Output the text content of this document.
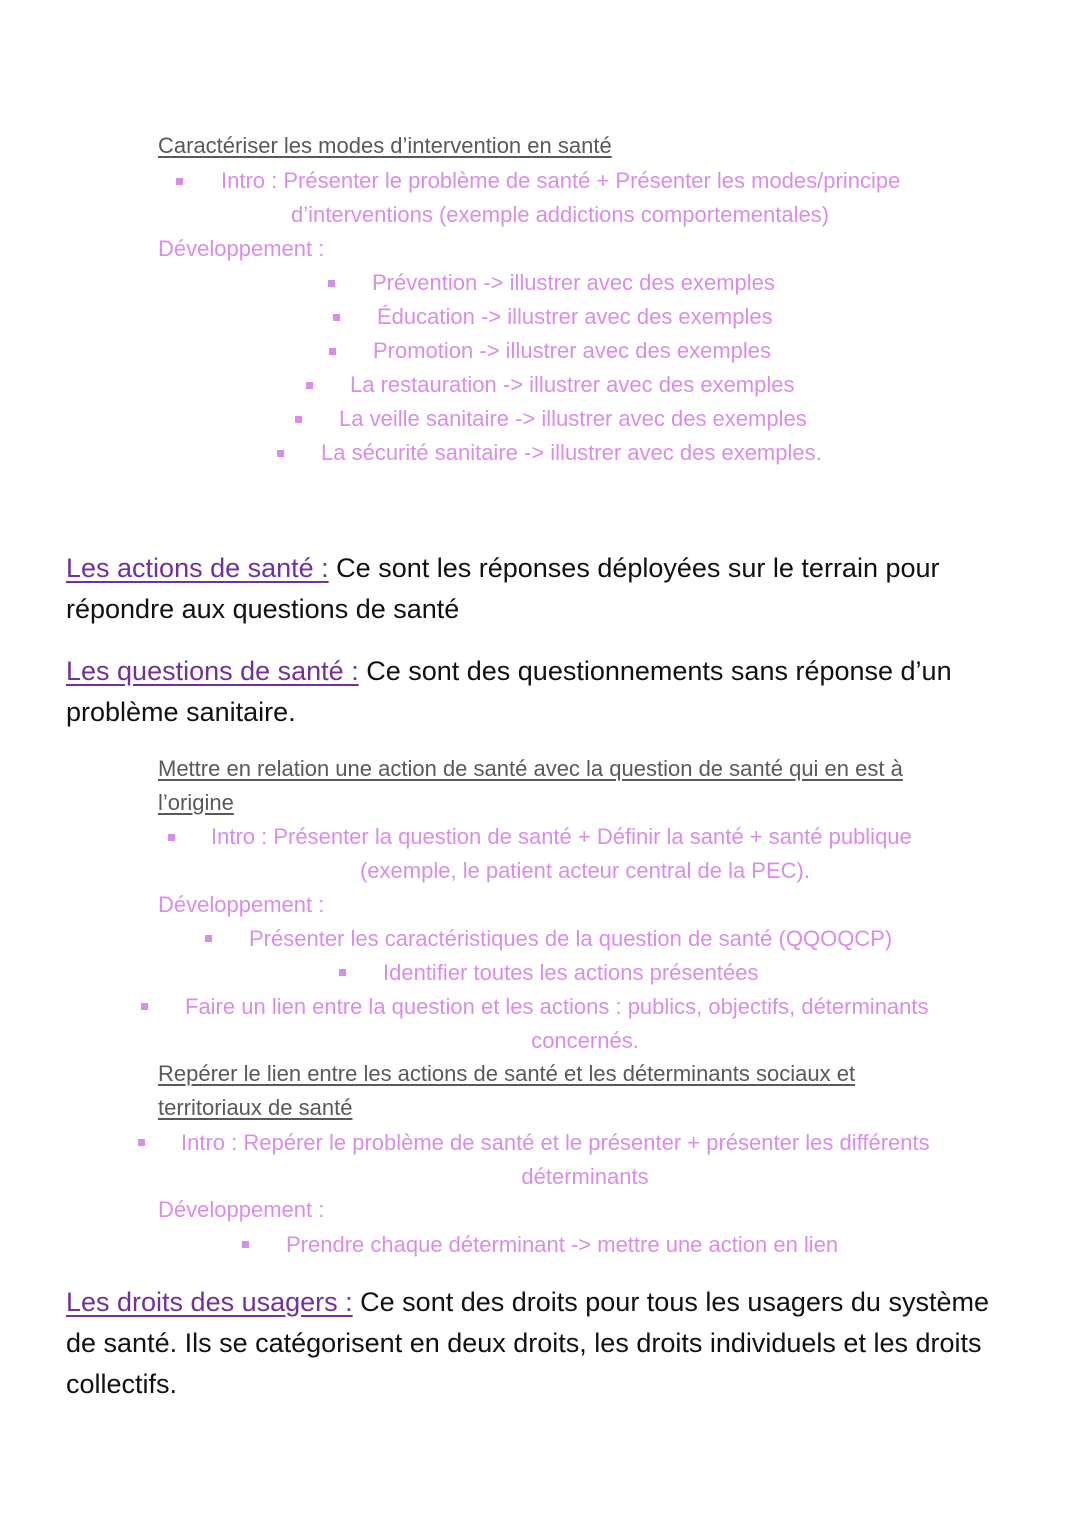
Caractériser les modes d’intervention en santé
Intro : Présenter le problème de santé + Présenter les modes/principe
d’interventions (exemple addictions comportementales)
Développement :
Prévention -> illustrer avec des exemples
Éducation -> illustrer avec des exemples
Promotion -> illustrer avec des exemples
La restauration -> illustrer avec des exemples
La veille sanitaire -> illustrer avec des exemples
La sécurité sanitaire -> illustrer avec des exemples.
Les actions de santé : Ce sont les réponses déployées sur le terrain pour répondre aux questions de santé
Les questions de santé : Ce sont des questionnements sans réponse d’un problème sanitaire.
Mettre en relation une action de santé avec la question de santé qui en est à
l’origine
Intro : Présenter la question de santé + Définir la santé + santé publique
(exemple, le patient acteur central de la PEC).
Développement :
Présenter les caractéristiques de la question de santé (QQOQCP)
Identifier toutes les actions présentées
Faire un lien entre la question et les actions : publics, objectifs, déterminants
concernés.
Repérer le lien entre les actions de santé et les déterminants sociaux et
territoriaux de santé
Intro : Repérer le problème de santé et le présenter + présenter les différents
déterminants
Développement :
Prendre chaque déterminant -> mettre une action en lien
Les droits des usagers : Ce sont des droits pour tous les usagers du système de santé. Ils se catégorisent en deux droits, les droits individuels et les droits collectifs.
